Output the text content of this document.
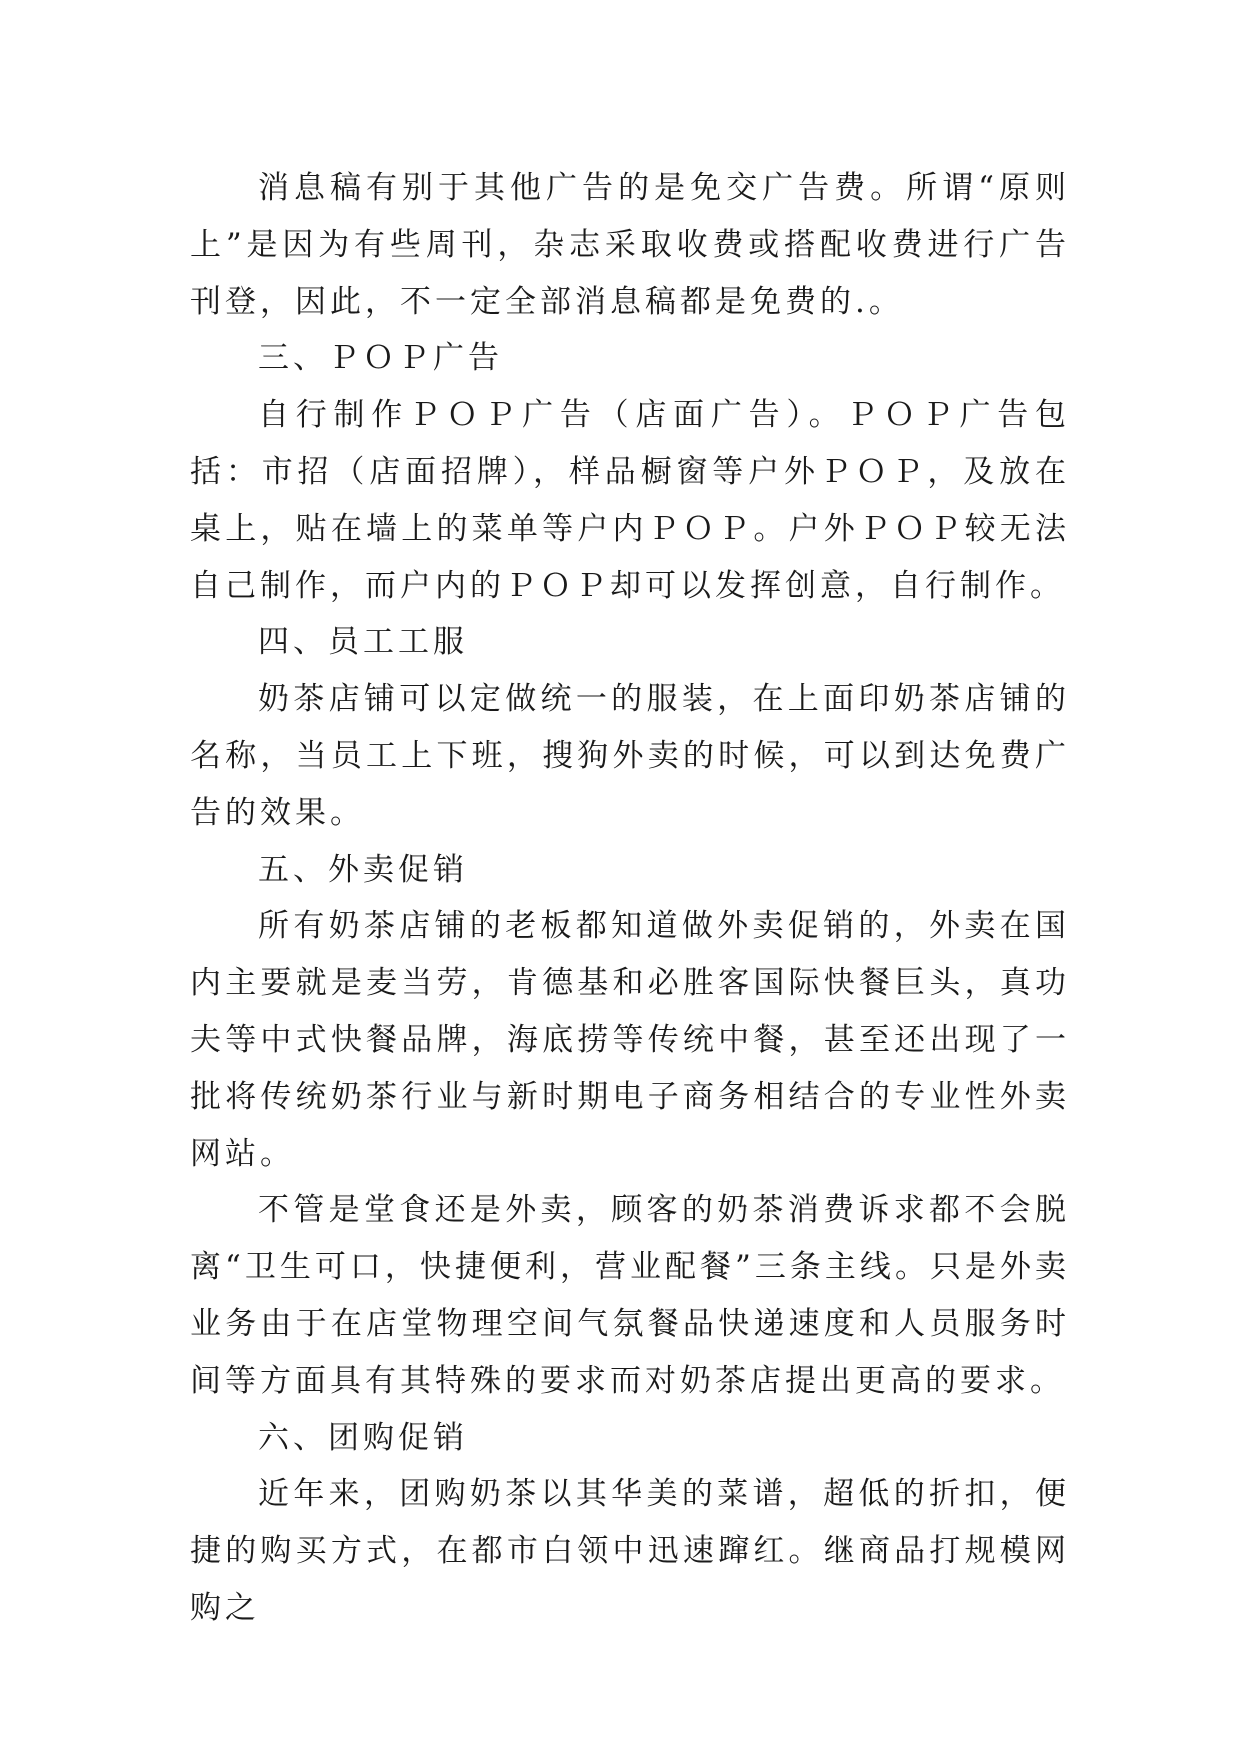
消息稿有别于其他广告的是免交广告费。所谓“原则上”是因为有些周刊，杂志采取收费或搭配收费进行广告刊登，因此，不一定全部消息稿都是免费的.。

三、ＰＯＰ广告

自行制作ＰＯＰ广告（店面广告）。ＰＯＰ广告包括：市招（店面招牌），样品橱窗等户外ＰＯＰ，及放在桌上，贴在墙上的菜单等户内ＰＯＰ。户外ＰＯＰ较无法自己制作，而户内的ＰＯＰ却可以发挥创意，自行制作。

四、员工工服

奶茶店铺可以定做统一的服装，在上面印奶茶店铺的名称，当员工上下班，搜狗外卖的时候，可以到达免费广告的效果。

五、外卖促销

所有奶茶店铺的老板都知道做外卖促销的，外卖在国内主要就是麦当劳，肯德基和必胜客国际快餐巨头，真功夫等中式快餐品牌，海底捞等传统中餐，甚至还出现了一批将传统奶茶行业与新时期电子商务相结合的专业性外卖网站。

不管是堂食还是外卖，顾客的奶茶消费诉求都不会脱离“卫生可口，快捷便利，营业配餐”三条主线。只是外卖业务由于在店堂物理空间气氛餐品快递速度和人员服务时间等方面具有其特殊的要求而对奶茶店提出更高的要求。

六、团购促销

近年来，团购奶茶以其华美的菜谱，超低的折扣，便捷的购买方式，在都市白领中迅速蹿红。继商品打规模网购之
